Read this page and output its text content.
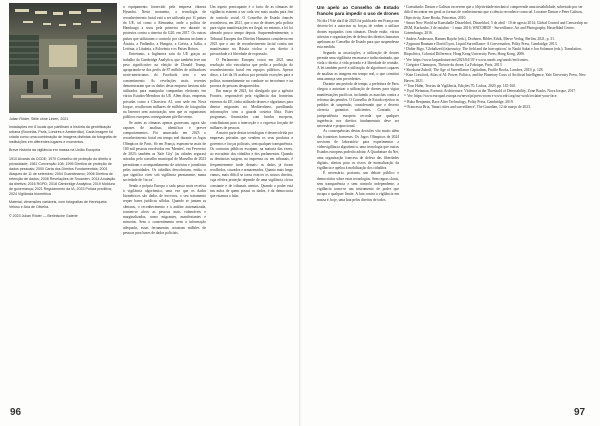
Julian Röder, Stille ohne Linien, 2021

Instalações em 8 locais que partilham a história da gentrificação urbana (Bruxelas, Paris, Londres e Amsterdão). Cada imagem foi criada como uma combinação de imagens distintas da fotografia de instituições em diferentes lugares e momentos.

Breve história da vigilância em massa na União Europeia

1910 Alvarás da OCDE; 1970 Conselho de proteção do direito à privacidade; 1981 Convenção 108; 1995 Diretiva de proteção de dados pessoais; 2000 Carta dos Direitos Fundamentais; 2001 Ataques de 11 de setembro; 2004 Guantánamo; 2006 Diretiva de retenção de dados; 2008 Revelações de Snowden; 2014 Anulação da diretiva; 2016 RGPD; 2018 Cambridge Analytica; 2019 Moldura de governança; 2021 Regulamento da IA; 2023 Polícia preditiva; 2024 Vigilância biométrica

Material, dimensões variáveis, com fotografias de Henriqueta Veloso e Ana de Oliveira.

© 2023 Julian Röder — Berlinische Galerie

a equipamento fornecido pela empresa chinesa Hyundai. Neste momento, a tecnologia de reconhecimento facial está a ser utilizada por 11 países da UE, tal como a Alemanha, onde a polícia de Hamburgo a usou pela primeira vez durante os protestos contra a cimeira do G20, em 2017. Os outros países que utilizaram o controlo por câmaras incluem a Áustria, a Finlândia, a Hungria, a Grécia, a Itália, a Letónia, a Lituânia, a Eslovénia e os Países Baixos.

Entretanto, a Inglaterra saiu da UE graças ao trabalho da Cambridge Analytica, que também teve um peso significativo na eleição de Donald Trump, apropriando-se dos perfis de 87 milhões de utilizadores norte-americanos do Facebook sem o seu consentimento. As revelações mais recentes demonstraram que os dados desta empresa haviam sido utilizados para manipular campanhas eleitorais em vários Estados-Membros da UE. Além disso, empresas privadas como a Clearview AI, com sede em Nova Iorque, recolheram milhares de milhões de fotografias na Internet sem autorização, sem que os organismos públicos europeus conseguissem pôr-lhe termo.

Se antes as câmaras apenas gravavam, agora são capazes de analisar, identificar e prever comportamentos. Foi anunciado em 2023 o reconhecimento facial em tempo real durante os Jogos Olímpicos de Paris. Só em França, esperam-se mais de 100 mil pessoas envolvidas em 'Mendes', em Fevereiro de 2023; também as 'Safe City' (as cidades seguras) ativadas pelo conselho municipal de Marselha de 2023 permitiram o acompanhamento de ativistas e jornalistas pelas autoridades. Os cidadãos descobriram, então, o que significa viver sob vigilância permanente, numa sociedade de 'riscos'.

Sendo a própria Europa a cada passo mais recetiva à vigilância algorítmica, uma vez que os dados biométricos são dados de terceiros, o seu tratamento requer bases jurídicas sólidas. Quando se juntam as câmaras, o reconhecimento e a análise automatizada, tornam-se alvos as pessoas mais vulneráveis e marginalizadas, como migrantes, manifestantes e minorias. Sem o consentimento nem a informação adequada, essas ferramentas arrastam milhões de pessoas para bases de dados policiais.

Um aspeto preocupante é o facto de as câmaras de vigilância estarem a ser cada vez mais usadas para fins de controlo social. O Conselho de Estado francês reconheceu, em 2021, que o uso de drones pela polícia para vigiar manifestações era ilegal, no entanto, a lei foi alterada pouco tempo depois. Surpreendentemente, o Tribunal Europeu dos Direitos Humanos considerou em 2023 que o uso de reconhecimento facial contra um manifestante na Rússia violou o seu direito à privacidade e à liberdade de expressão.

O Parlamento Europeu votou em 2021 uma resolução não vinculativa que pedia a proibição do reconhecimento facial em espaços públicos. Apesar disso, a Lei da IA acabou por permitir exceções para a polícia, nomeadamente no combate ao terrorismo e na procura de pessoas desaparecidas.

Em março de 2023, foi divulgado que a agência Frontex, responsável pela vigilância das fronteiras externas da UE, tinha utilizado drones e algoritmos para detetar migrantes no Mediterrâneo, partilhando informações com a guarda costeira líbia. Estes programas, financiados com fundos europeus, contribuíram para a interceção e o regresso forçado de milhares de pessoas.

A maior parte destas tecnologias é desenvolvida por empresas privadas que vendem os seus produtos a governos e forças policiais, sem qualquer transparência. Os contratos públicos escapam, na maioria das vezes, ao escrutínio dos cidadãos e dos parlamentos. Quando as denúncias surgem, na imprensa ou em tribunais, é frequentemente tarde demais: os dados já foram recolhidos, cruzados e armazenados. Quanto mais longe vamos, mais difícil se torna exercer os nossos direitos, cuja efetiva proteção depende de uma vigilância cívica constante e de tribunais atentos. Quando o poder está nas mãos de quem possui os dados, é da democracia que estamos a falar.

96

Um apelo ao Conselho de Estado francês para impedir o uso de drones

No dia 19 de abril de 2023 foi publicado em França um decreto-lei a autorizar as forças de ordem a utilizar drones equipados com câmaras. Desde então, vários ativistas e organizações de defesa dos direitos humanos apelaram ao Conselho de Estado para que suspendesse esta medida.

Segundo as associações, a utilização de drones permite uma vigilância em massa e indiscriminada, que viola o direito à vida privada e à liberdade de reunião. A lei também prevê a utilização de algoritmos capazes de analisar as imagens em tempo real, o que constitui uma ameaça sem precedentes.

Durante um período de tempo, a prefeitura de Paris chegou a autorizar a utilização de drones para vigiar manifestações pacíficas, incluindo as marchas contra a reforma das pensões. O Conselho de Estado rejeitou os pedidos de suspensão, considerando que o decreto oferecia garantias suficientes. Contudo, a jurisprudência europeia recorda que qualquer ingerência nos direitos fundamentais deve ser necessária e proporcional.

As consequências destas decisões vão muito além das fronteiras francesas. Os Jogos Olímpicos de 2024 serviram de laboratório para experimentar a videovigilância algorítmica, uma tecnologia que outros Estados europeus poderão adotar. A Quadrature du Net, uma organização francesa de defesa das liberdades digitais, alertou para os riscos de normalização da vigilância e apelou à mobilização dos cidadãos.

É necessário, portanto, um debate público e democrático sobre estas tecnologias. Sem regras claras, sem transparência e sem controlo independente, a vigilância torna-se um instrumento de poder que escapa a qualquer limite. A luta contra a vigilância em massa é, hoje, uma luta pelos direitos de todos.

¹ Consultado: Daston e Galison escrevem que a 'objetividade mecânica' compreende uma instabilidade, sobretudo por ser difícil encontrar em geral as formas de conhecimento que a ciência reconhece como tal. Lorraine Daston e Peter Galison, Objectivity, Zone Books, Princeton, 2010.

² Smart New World na Kunsthalle Düsseldorf, Düsseldorf, 5 de abril - 10 de agosto 2014; Global Control and Censorship no ZKM, Karlsruhe, 3 de outubro - 1 maio 2016; WATCHED! - Surveillance, Art and Photography, Hasselblad Center, Gotemburgo, 2016.

³ Anders Andersson, Hannes Bajohr (eds.), Drohnen, Bilder, Ethik, Merve Verlag, Berlim, 2021, p. 31.

⁴ Zygmunt Bauman e David Lyon, Liquid Surveillance: A Conversation, Polity Press, Cambridge, 2013.

⁵ Didier Bigo, 'Globalized (in)security: The field and the ban-opticon', in Naoki Sakai e Jon Solomon (eds.), Translation, Biopolitics, Colonial Difference, Hong Kong University Press, Hong Kong, 2006.

⁶ Ver: https://www.laquadrature.net/2023/04/19/ e www.unodc.org/unodc/en/frontex.

⁷ Grégoire Chamayou, Théorie du drone, La Fabrique, Paris, 2013.

⁸ Shoshana Zuboff, The Age of Surveillance Capitalism, Profile Books, Londres, 2019, p. 128.

⁹ Kate Crawford, Atlas of AI: Power, Politics, and the Planetary Costs of Artificial Intelligence, Yale University Press, New Haven, 2021.

¹⁰ Tom Huhn, Teorias da Vigilância, Edições 70, Lisboa, 2020, pp. 145-160.

¹¹ Eyal Weizman, Forensic Architecture: Violence at the Threshold of Detectability, Zone Books, Nova Iorque, 2017.

¹² Ver: https://www.europarl.europa.eu/news/pt/press-room e www.edri.org/our-work/reclaim-your-face.

¹³ Ruha Benjamin, Race After Technology, Polity Press, Cambridge, 2019.

¹⁴ Francesca Bria, 'Smart cities and surveillance', The Guardian, 12 de março de 2023.

97
